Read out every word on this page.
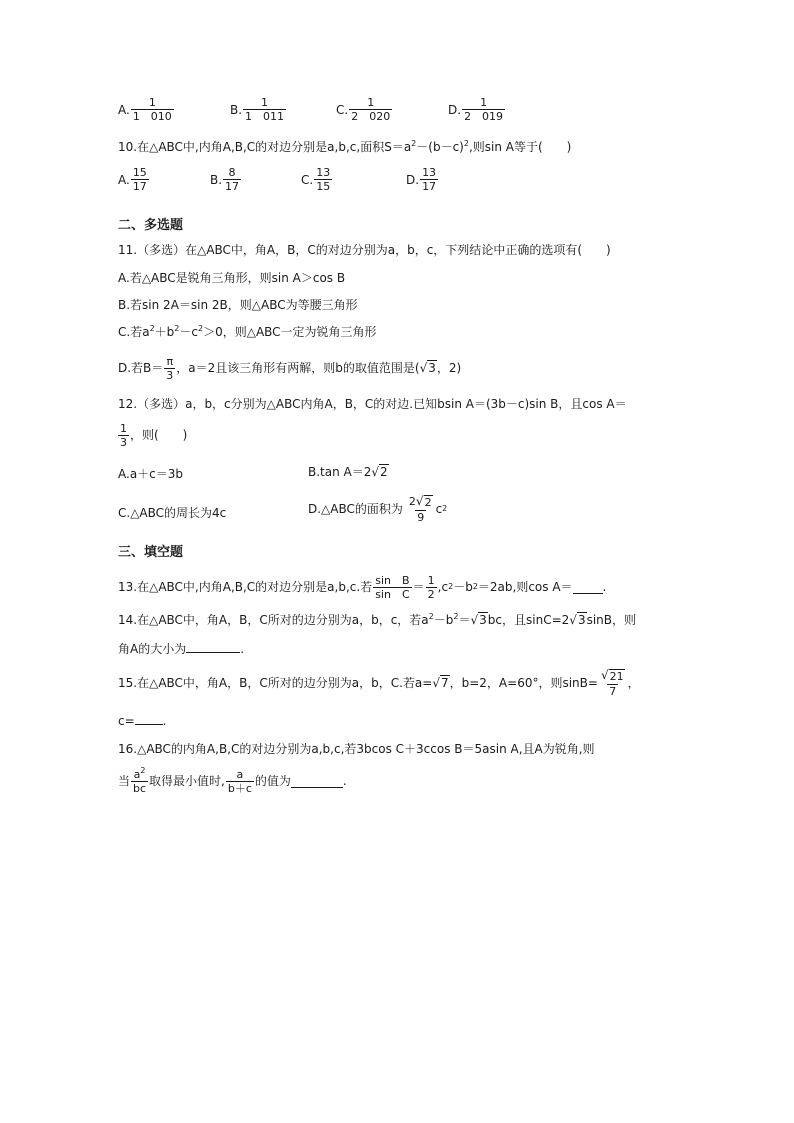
A. $\frac{1}{1 010}$	B. $\frac{1}{1 011}$	C. $\frac{1}{2 020}$	D. $\frac{1}{2 019}$
10.在△ABC中,内角A,B,C的对边分别是a,b,c,面积$S=a^2-(b-c)^2$,则sin A等于(　　)
A. $\frac{15}{17}$	B. $\frac{8}{17}$	C. $\frac{13}{15}$	D. $\frac{13}{17}$
二、多选题
11.（多选）在△ABC中，角A，B，C的对边分别为a，b，c，下列结论中正确的选项有(　　)
A.若△ABC是锐角三角形，则sin A＞cos B
B.若sin 2A＝sin 2B，则△ABC为等腰三角形
C.若$a^2+b^2-c^2>0$，则△ABC一定为锐角三角形
D.若$B= \frac{\pi}{3}$ ，a＝2且该三角形有两解，则b的取值范围是( √ 3 ，2)
12.（多选）a，b，c分别为△ABC内角A，B，C的对边.已知bsin A＝(3b－c)sin B，且cos A＝
$\frac{1}{3}$ ，则(　　)
A.a＋c＝3b	B.tan A＝2 √ 2
C.△ABC的周长为4c	D.△ABC的面积为 $\frac{2 √ 2}{9}$ c 2
三、填空题
13.在△ABC中,内角A,B,C的对边分别是a,b,c.若 $\frac{\text{sin　B}}{\text{sin　C}} = \frac{1}{2} ,c$ 2 －b 2 ＝2ab,则cos A＝	.
14.在△ABC中，角A，B，C所对的边分别为a，b，c，若$a^2-b^2=$ √ 3 bc，且sinC=2 √ 3 sinB，则
角A的大小为	.
15.在△ABC中，角A，B，C所对的边分别为a，b，C.若a= √ 7 ，b=2，A=60°，则$\sin B= \frac{√ 21}{7}$ ，
c= .
16.△ABC的内角A,B,C的对边分别为a,b,c,若3bcos C＋3ccos B＝5asin A,且A为锐角,则
当 $\frac{a^2}{bc}$ 取得最小值时, $\frac{a}{b+c}$ 的值为	.
